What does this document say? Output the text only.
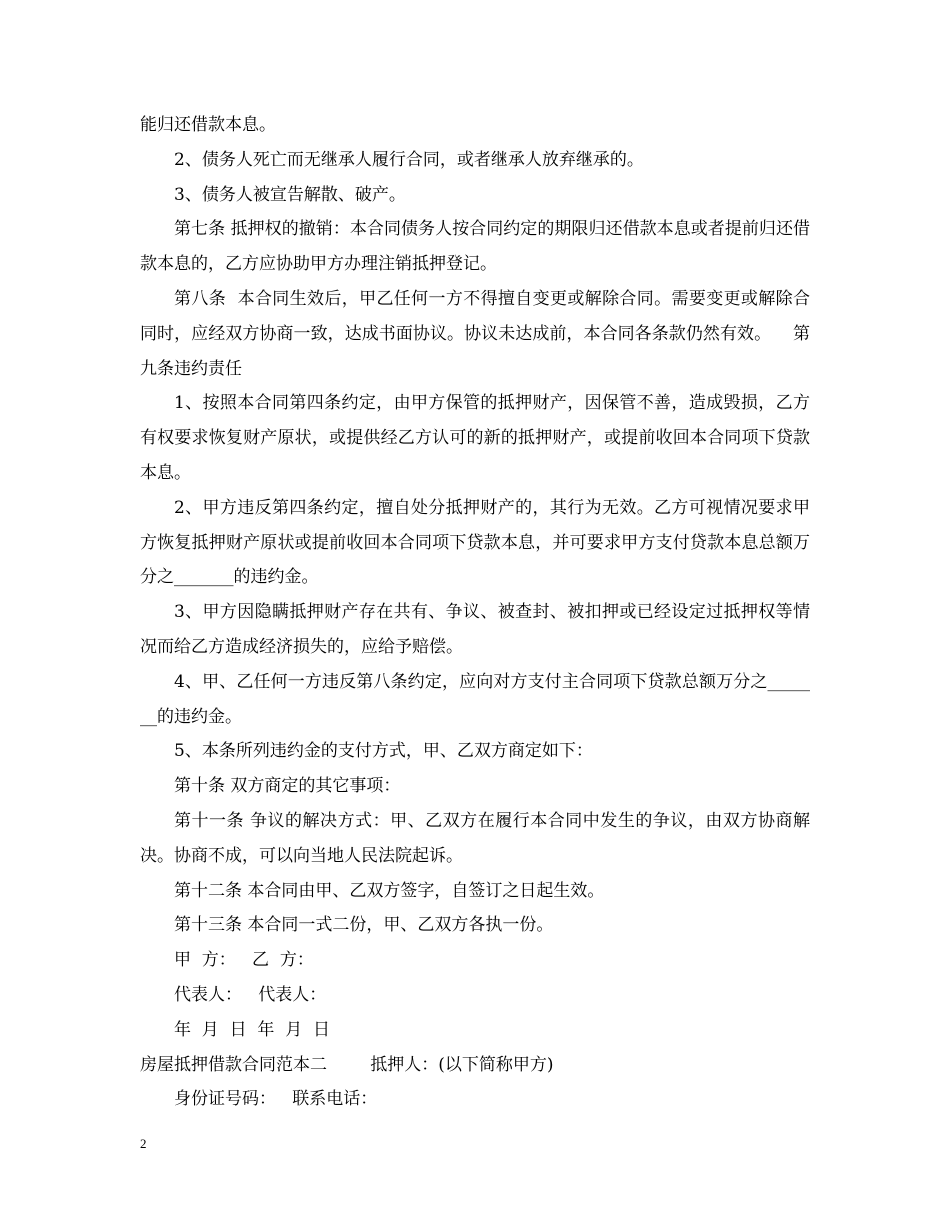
能归还借款本息。

2、债务人死亡而无继承人履行合同，或者继承人放弃继承的。

3、债务人被宣告解散、破产。

第七条 抵押权的撤销：本合同债务人按合同约定的期限归还借款本息或者提前归还借款本息的，乙方应协助甲方办理注销抵押登记。

第八条  本合同生效后，甲乙任何一方不得擅自变更或解除合同。需要变更或解除合同时，应经双方协商一致，达成书面协议。协议未达成前，本合同各条款仍然有效。    第九条违约责任

1、按照本合同第四条约定，由甲方保管的抵押财产，因保管不善，造成毁损，乙方有权要求恢复财产原状，或提供经乙方认可的新的抵押财产，或提前收回本合同项下贷款本息。

2、甲方违反第四条约定，擅自处分抵押财产的，其行为无效。乙方可视情况要求甲方恢复抵押财产原状或提前收回本合同项下贷款本息，并可要求甲方支付贷款本息总额万分之_______的违约金。

3、甲方因隐瞒抵押财产存在共有、争议、被查封、被扣押或已经设定过抵押权等情况而给乙方造成经济损失的，应给予赔偿。

4、甲、乙任何一方违反第八条约定，应向对方支付主合同项下贷款总额万分之_______的违约金。

5、本条所列违约金的支付方式，甲、乙双方商定如下：

第十条 双方商定的其它事项：

第十一条 争议的解决方式：甲、乙双方在履行本合同中发生的争议，由双方协商解决。协商不成，可以向当地人民法院起诉。

第十二条 本合同由甲、乙双方签字，自签订之日起生效。

第十三条 本合同一式二份，甲、乙双方各执一份。

甲  方：   乙  方：

代表人：   代表人：

年  月  日  年  月  日

房屋抵押借款合同范本二        抵押人：(以下简称甲方)

身份证号码：   联系电话：

2
